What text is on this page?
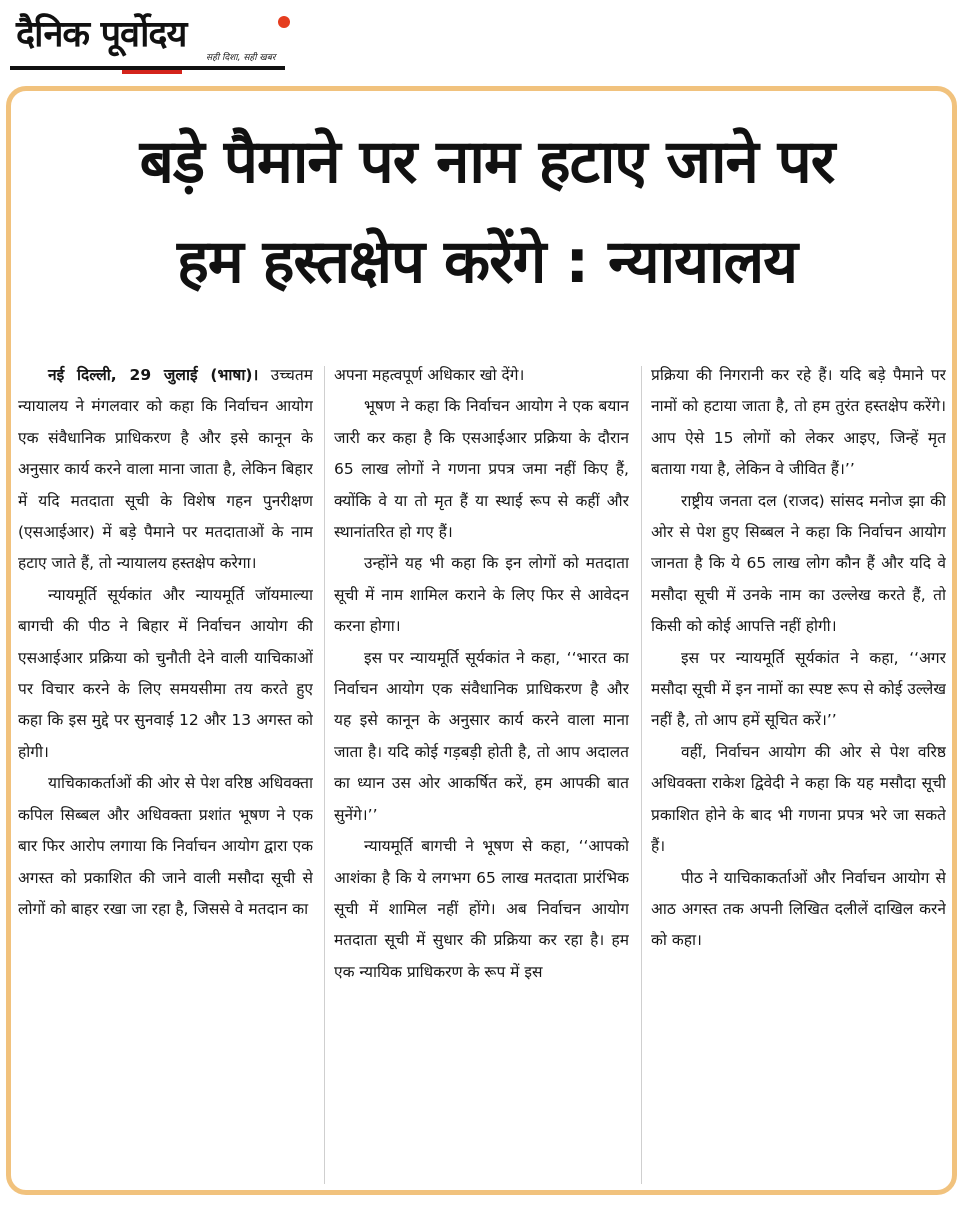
दैनिक पूर्वोदय
सही दिशा, सही खबर
बड़े पैमाने पर नाम हटाए जाने पर
हम हस्तक्षेप करेंगे : न्यायालय

नई दिल्ली, 29 जुलाई (भाषा)। उच्चतम न्यायालय ने मंगलवार को कहा कि निर्वाचन आयोग एक संवैधानिक प्राधिकरण है और इसे कानून के अनुसार कार्य करने वाला माना जाता है, लेकिन बिहार में यदि मतदाता सूची के विशेष गहन पुनरीक्षण (एसआईआर) में बड़े पैमाने पर मतदाताओं के नाम हटाए जाते हैं, तो न्यायालय हस्तक्षेप करेगा।

न्यायमूर्ति सूर्यकांत और न्यायमूर्ति जॉयमाल्या बागची की पीठ ने बिहार में निर्वाचन आयोग की एसआईआर प्रक्रिया को चुनौती देने वाली याचिकाओं पर विचार करने के लिए समयसीमा तय करते हुए कहा कि इस मुद्दे पर सुनवाई 12 और 13 अगस्त को होगी।

याचिकाकर्ताओं की ओर से पेश वरिष्ठ अधिवक्ता कपिल सिब्बल और अधिवक्ता प्रशांत भूषण ने एक बार फिर आरोप लगाया कि निर्वाचन आयोग द्वारा एक अगस्त को प्रकाशित की जाने वाली मसौदा सूची से लोगों को बाहर रखा जा रहा है, जिससे वे मतदान का

अपना महत्वपूर्ण अधिकार खो देंगे।

भूषण ने कहा कि निर्वाचन आयोग ने एक बयान जारी कर कहा है कि एसआईआर प्रक्रिया के दौरान 65 लाख लोगों ने गणना प्रपत्र जमा नहीं किए हैं, क्योंकि वे या तो मृत हैं या स्थाई रूप से कहीं और स्थानांतरित हो गए हैं।

उन्होंने यह भी कहा कि इन लोगों को मतदाता सूची में नाम शामिल कराने के लिए फिर से आवेदन करना होगा।

इस पर न्यायमूर्ति सूर्यकांत ने कहा, ‘‘भारत का निर्वाचन आयोग एक संवैधानिक प्राधिकरण है और यह इसे कानून के अनुसार कार्य करने वाला माना जाता है। यदि कोई गड़बड़ी होती है, तो आप अदालत का ध्यान उस ओर आकर्षित करें, हम आपकी बात सुनेंगे।’’

न्यायमूर्ति बागची ने भूषण से कहा, ‘‘आपको आशंका है कि ये लगभग 65 लाख मतदाता प्रारंभिक सूची में शामिल नहीं होंगे। अब निर्वाचन आयोग मतदाता सूची में सुधार की प्रक्रिया कर रहा है। हम एक न्यायिक प्राधिकरण के रूप में इस

प्रक्रिया की निगरानी कर रहे हैं। यदि बड़े पैमाने पर नामों को हटाया जाता है, तो हम तुरंत हस्तक्षेप करेंगे। आप ऐसे 15 लोगों को लेकर आइए, जिन्हें मृत बताया गया है, लेकिन वे जीवित हैं।’’

राष्ट्रीय जनता दल (राजद) सांसद मनोज झा की ओर से पेश हुए सिब्बल ने कहा कि निर्वाचन आयोग जानता है कि ये 65 लाख लोग कौन हैं और यदि वे मसौदा सूची में उनके नाम का उल्लेख करते हैं, तो किसी को कोई आपत्ति नहीं होगी।

इस पर न्यायमूर्ति सूर्यकांत ने कहा, ‘‘अगर मसौदा सूची में इन नामों का स्पष्ट रूप से कोई उल्लेख नहीं है, तो आप हमें सूचित करें।’’

वहीं, निर्वाचन आयोग की ओर से पेश वरिष्ठ अधिवक्ता राकेश द्विवेदी ने कहा कि यह मसौदा सूची प्रकाशित होने के बाद भी गणना प्रपत्र भरे जा सकते हैं।

पीठ ने याचिकाकर्ताओं और निर्वाचन आयोग से आठ अगस्त तक अपनी लिखित दलीलें दाखिल करने को कहा।
